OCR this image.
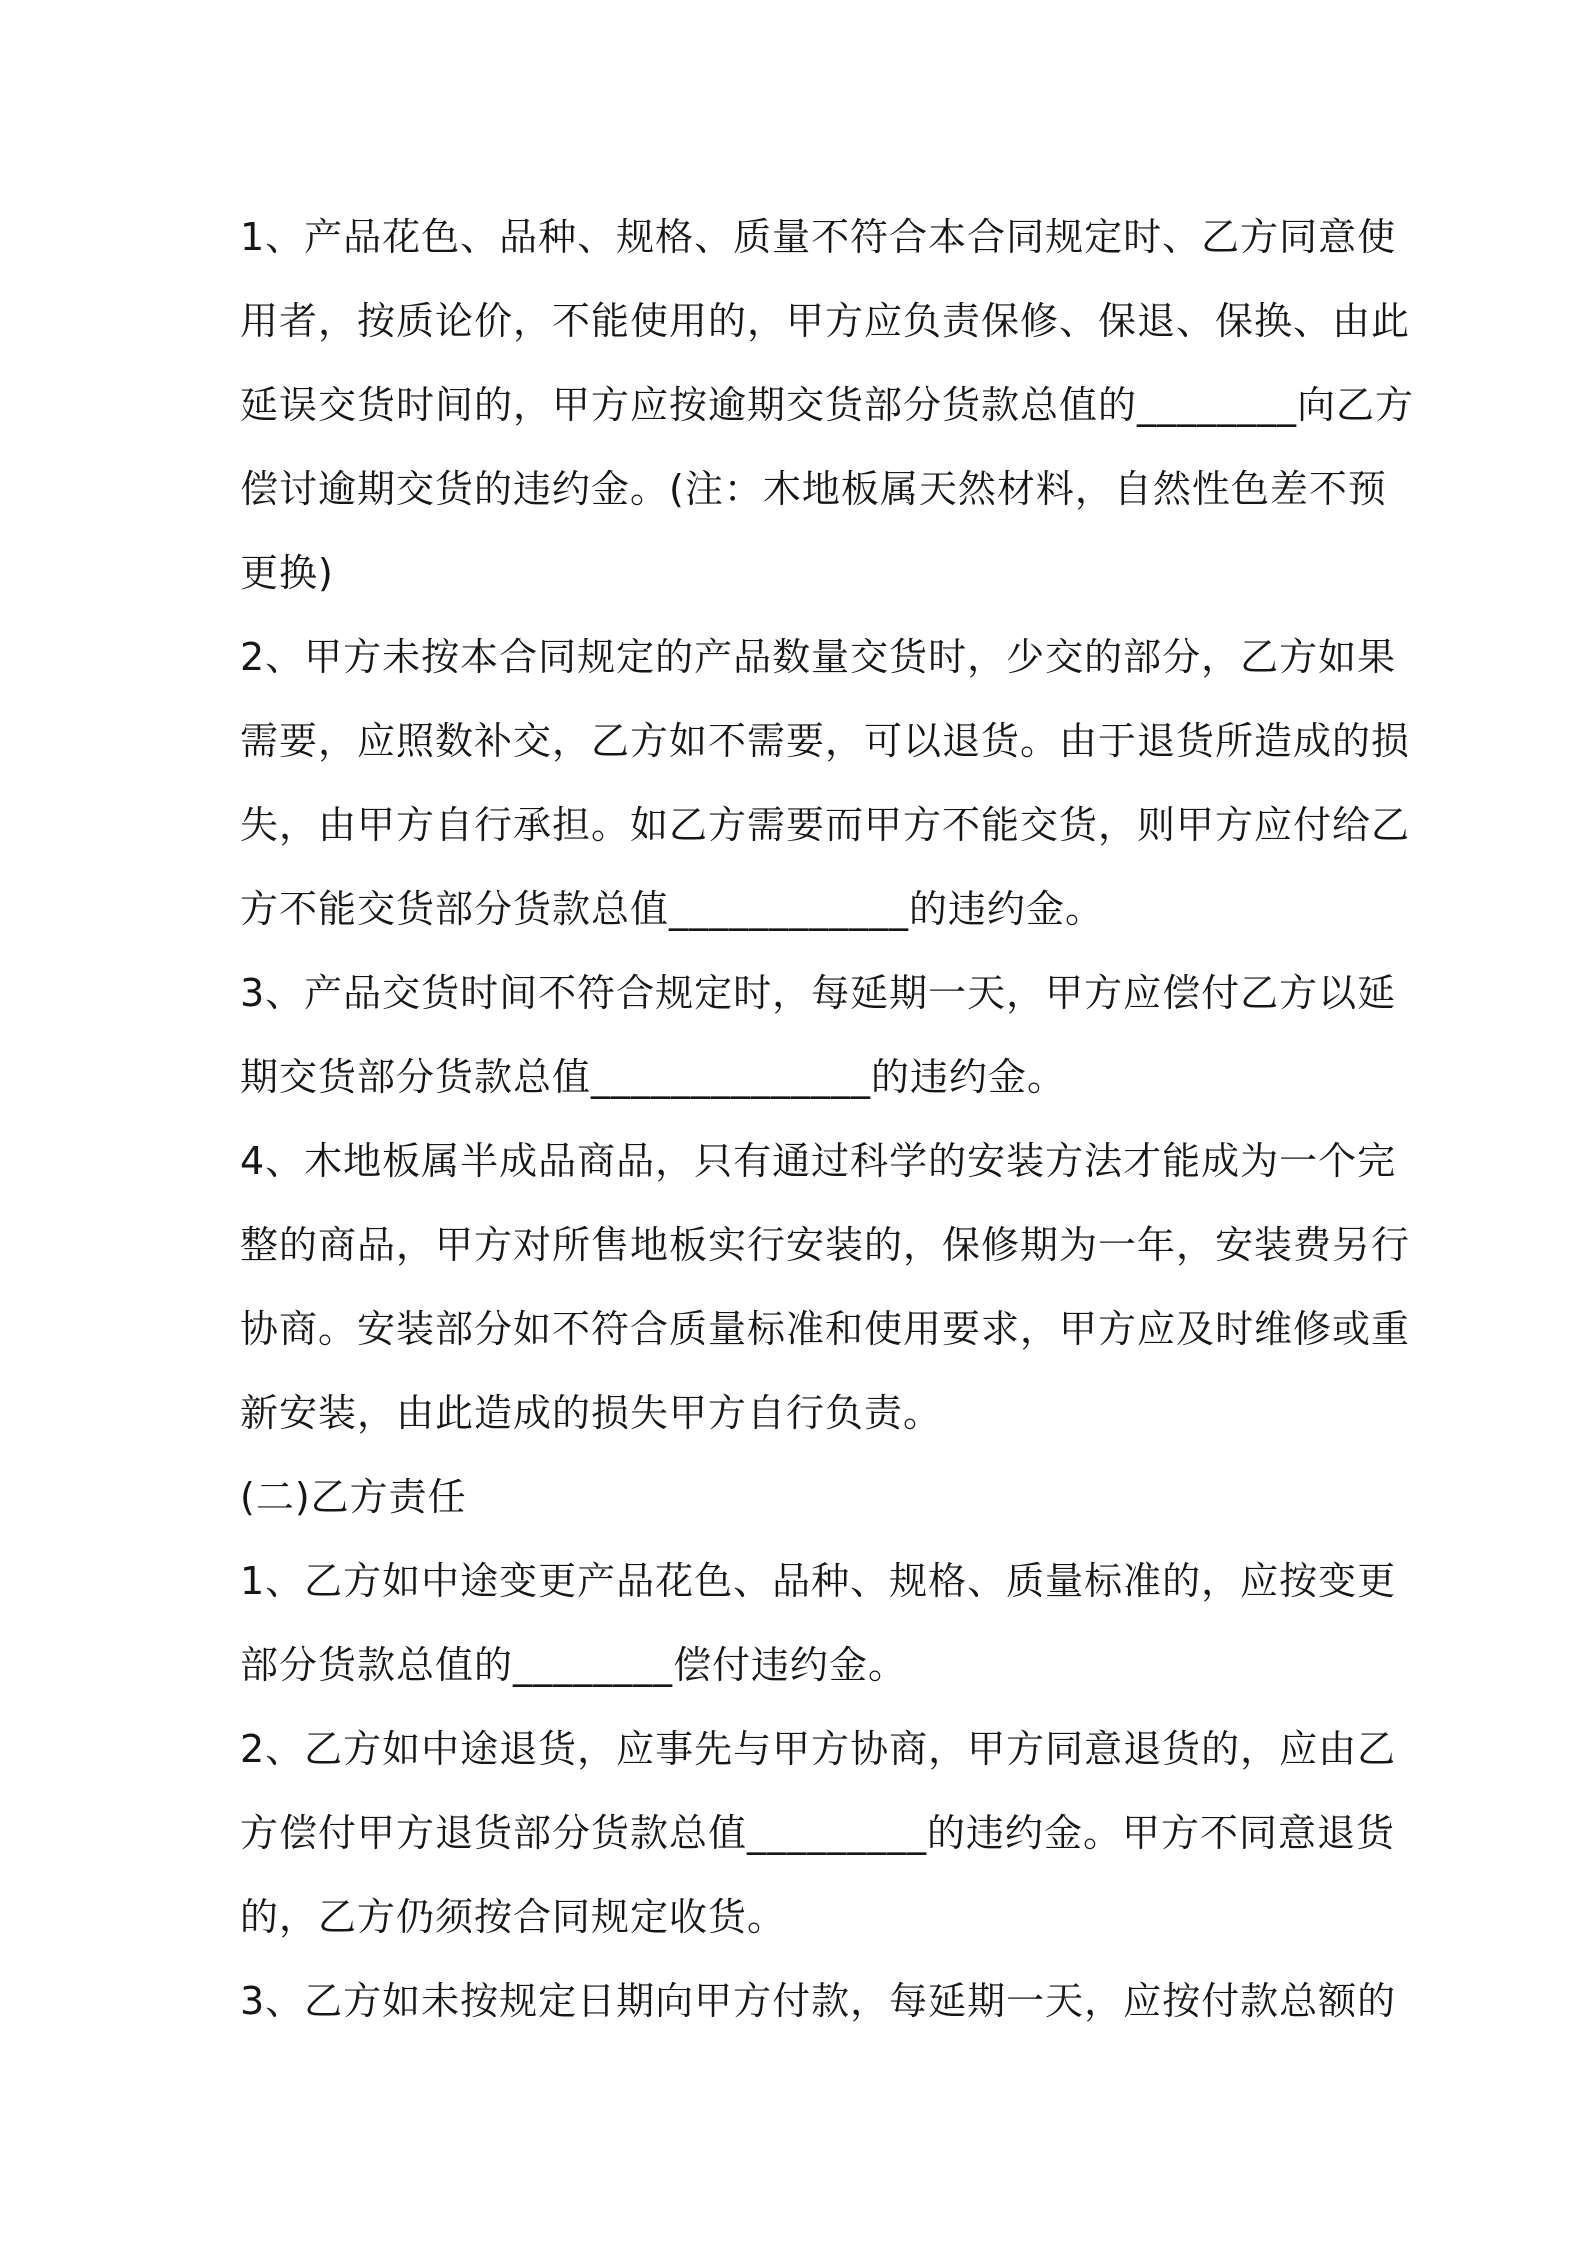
1、产品花色、品种、规格、质量不符合本合同规定时、乙方同意使
用者，按质论价，不能使用的，甲方应负责保修、保退、保换、由此
延误交货时间的，甲方应按逾期交货部分货款总值的________向乙方
偿讨逾期交货的违约金。(注：木地板属天然材料，自然性色差不预
更换)
2、甲方未按本合同规定的产品数量交货时，少交的部分，乙方如果
需要，应照数补交，乙方如不需要，可以退货。由于退货所造成的损
失，由甲方自行承担。如乙方需要而甲方不能交货，则甲方应付给乙
方不能交货部分货款总值____________的违约金。
3、产品交货时间不符合规定时，每延期一天，甲方应偿付乙方以延
期交货部分货款总值______________的违约金。
4、木地板属半成品商品，只有通过科学的安装方法才能成为一个完
整的商品，甲方对所售地板实行安装的，保修期为一年，安装费另行
协商。安装部分如不符合质量标准和使用要求，甲方应及时维修或重
新安装，由此造成的损失甲方自行负责。
(二)乙方责任
1、乙方如中途变更产品花色、品种、规格、质量标准的，应按变更
部分货款总值的________偿付违约金。
2、乙方如中途退货，应事先与甲方协商，甲方同意退货的，应由乙
方偿付甲方退货部分货款总值_________的违约金。甲方不同意退货
的，乙方仍须按合同规定收货。
3、乙方如未按规定日期向甲方付款，每延期一天，应按付款总额的
